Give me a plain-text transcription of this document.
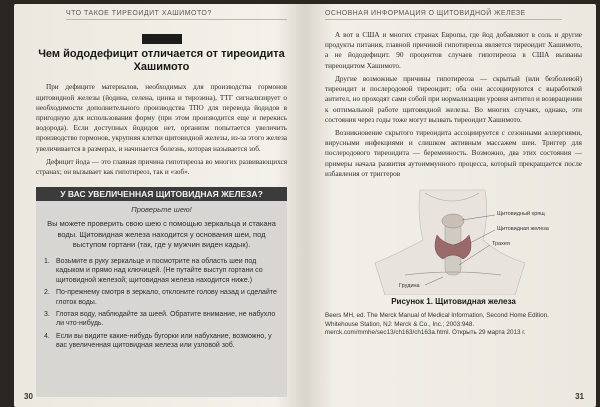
ЧТО ТАКОЕ ТИРЕОИДИТ ХАШИМОТО?
Чем йододефицит отличается от тиреоидита Хашимото

При дефиците материалов, необходимых для производства гормонов щитовидной железы (йодина, селена, цинка и тирозина), ТТГ сигнализирует о необходимости дополнительного производства ТПО для перевода йодидов в пригодную для использования форму (при этом производится еще и перекись водорода). Если доступных йодидов нет, организм попытается увеличить производство гормонов, укрупняя клетки щитовидной железы, из-за этого железа увеличивается в размерах, и начинается болезнь, которая называется зоб.

Дефицит йода — это главная причина гипотиреоза во многих развивающихся странах; он вызывает как гипотиреоз, так и «зоб».

У ВАС УВЕЛИЧЕННАЯ ЩИТОВИДНАЯ ЖЕЛЕЗА?
Проверьте шею!
Вы можете проверить свою шею с помощью зеркальца и стакана воды. Щитовидная железа находится у основания шеи, под выступом гортани (так, где у мужчин виден кадык).
1. Возьмите в руку зеркальце и посмотрите на область шеи под кадыком и прямо над ключицей. (Не путайте выступ гортани со щитовидной железой; щитовидная железа находится ниже.)
2. По-прежнему смотря в зеркало, отклоните голову назад и сделайте глоток воды.
3. Глотая воду, наблюдайте за шеей. Обратите внимание, не набухло ли что-нибудь.
4. Если вы видите какие-нибудь бугорки или набухание, возможно, у вас увеличенная щитовидная железа или узловой зоб.
30
ОСНОВНАЯ ИНФОРМАЦИЯ О ЩИТОВИДНОЙ ЖЕЛЕЗЕ

А вот в США и многих странах Европы, где йод добавляют в соль и другие продукты питания, главной причиной гипотиреоза является тиреоидит Хашимото, а не йододефицит. 90 процентов случаев гипотиреоза в США вызваны тиреоидитом Хашимото.

Другие возможные причины гипотиреоза — скрытый (или безболевой) тиреоидит и послеродовой тиреоидит; оба они ассоциируются с выработкой антител, но проходят сами собой при нормализации уровня антител и возвращении к оптимальной работе щитовидной железы. Во многих случаях, однако, эти состояния через годы тоже могут вызвать тиреоидит Хашимото.

Возникновение скрытого тиреоидита ассоциируется с сезонными аллергиями, вирусными инфекциями и слишком активным массажем шеи. Триггер для послеродового тиреоидита — беременность. Возможно, два этих состояния — примеры начала развития аутоиммунного процесса, который прекращается после избавления от триггеров

Щитовидный хрящ
Щитовидная железа
Трахея
Грудина
Рисунок 1. Щитовидная железа
Beers MH, ed. The Merck Manual of Medical Information, Second Home Edition. Whitehouse Station, NJ: Merck & Co., Inc.; 2003:948. merck.com/mmhe/sec13/ch163/ch163a.html. Открыть 29 марта 2013 г.
31
